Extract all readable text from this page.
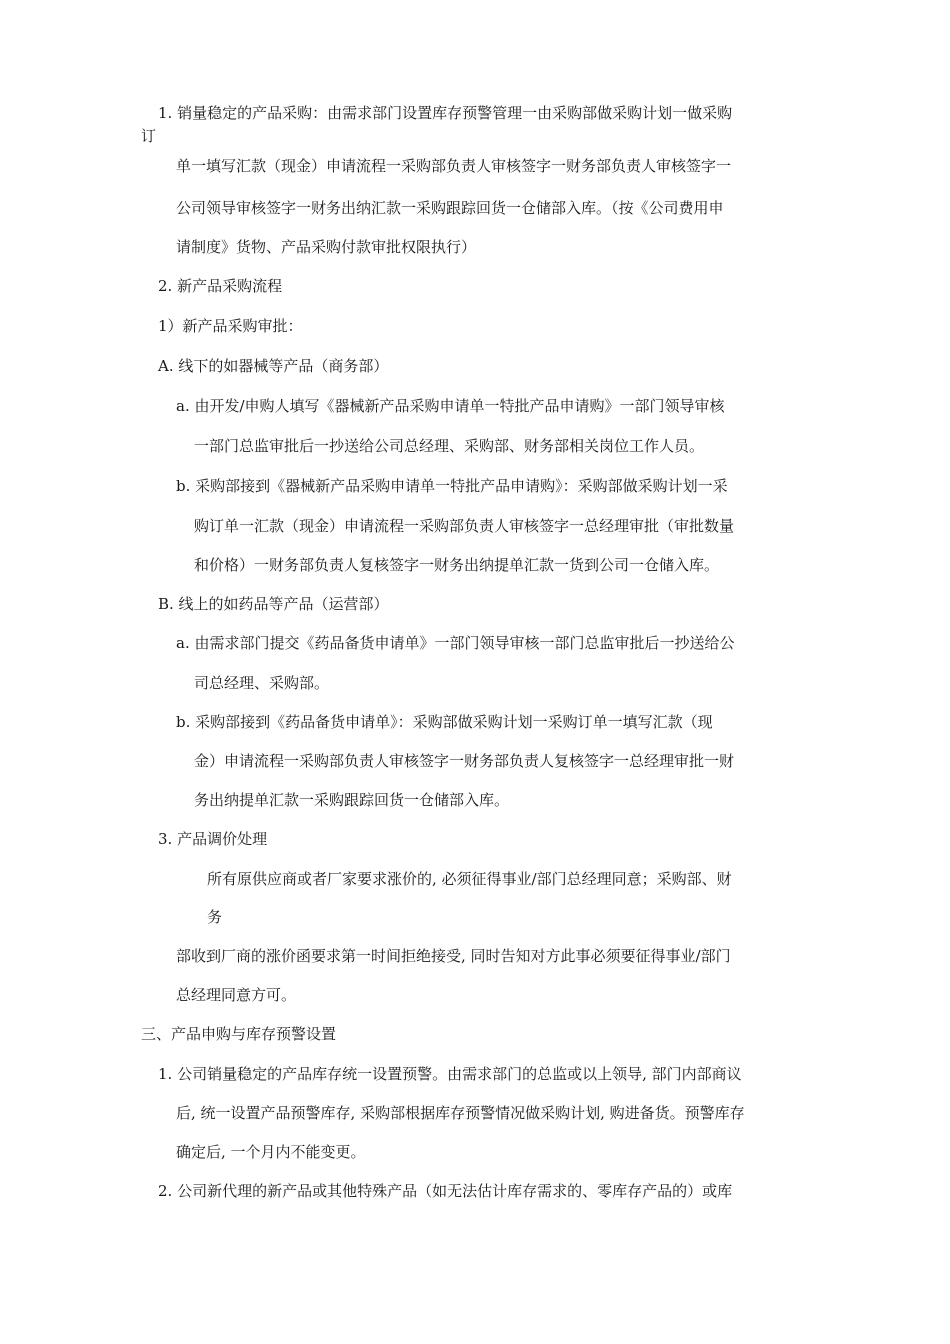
1. 销量稳定的产品采购：由需求部门设置库存预警管理一由采购部做采购计划一做采购
订
单一填写汇款（现金）申请流程一采购部负责人审核签字一财务部负责人审核签字一
公司领导审核签字一财务出纳汇款一采购跟踪回货一仓储部入库。（按《公司费用申
请制度》货物、产品采购付款审批权限执行）
2. 新产品采购流程
1）新产品采购审批：
A. 线下的如器械等产品（商务部）
a. 由开发/申购人填写《器械新产品采购申请单一特批产品申请购》一部门领导审核
一部门总监审批后一抄送给公司总经理、采购部、财务部相关岗位工作人员。
b. 采购部接到《器械新产品采购申请单一特批产品申请购》：采购部做采购计划一采
购订单一汇款（现金）申请流程一采购部负责人审核签字一总经理审批（审批数量
和价格）一财务部负责人复核签字一财务出纳提单汇款一货到公司一仓储入库。
B. 线上的如药品等产品（运营部）
a. 由需求部门提交《药品备货申请单》一部门领导审核一部门总监审批后一抄送给公
司总经理、采购部。
b. 采购部接到《药品备货申请单》：采购部做采购计划一采购订单一填写汇款（现
金）申请流程一采购部负责人审核签字一财务部负责人复核签字一总经理审批一财
务出纳提单汇款一采购跟踪回货一仓储部入库。
3. 产品调价处理
所有原供应商或者厂家要求涨价的, 必须征得事业/部门总经理同意；采购部、财
务
部收到厂商的涨价函要求第一时间拒绝接受, 同时告知对方此事必须要征得事业/部门
总经理同意方可。
三、产品申购与库存预警设置
1. 公司销量稳定的产品库存统一设置预警。由需求部门的总监或以上领导, 部门内部商议
后, 统一设置产品预警库存, 采购部根据库存预警情况做采购计划, 购进备货。预警库存
确定后, 一个月内不能变更。
2. 公司新代理的新产品或其他特殊产品（如无法估计库存需求的、零库存产品的）或库
